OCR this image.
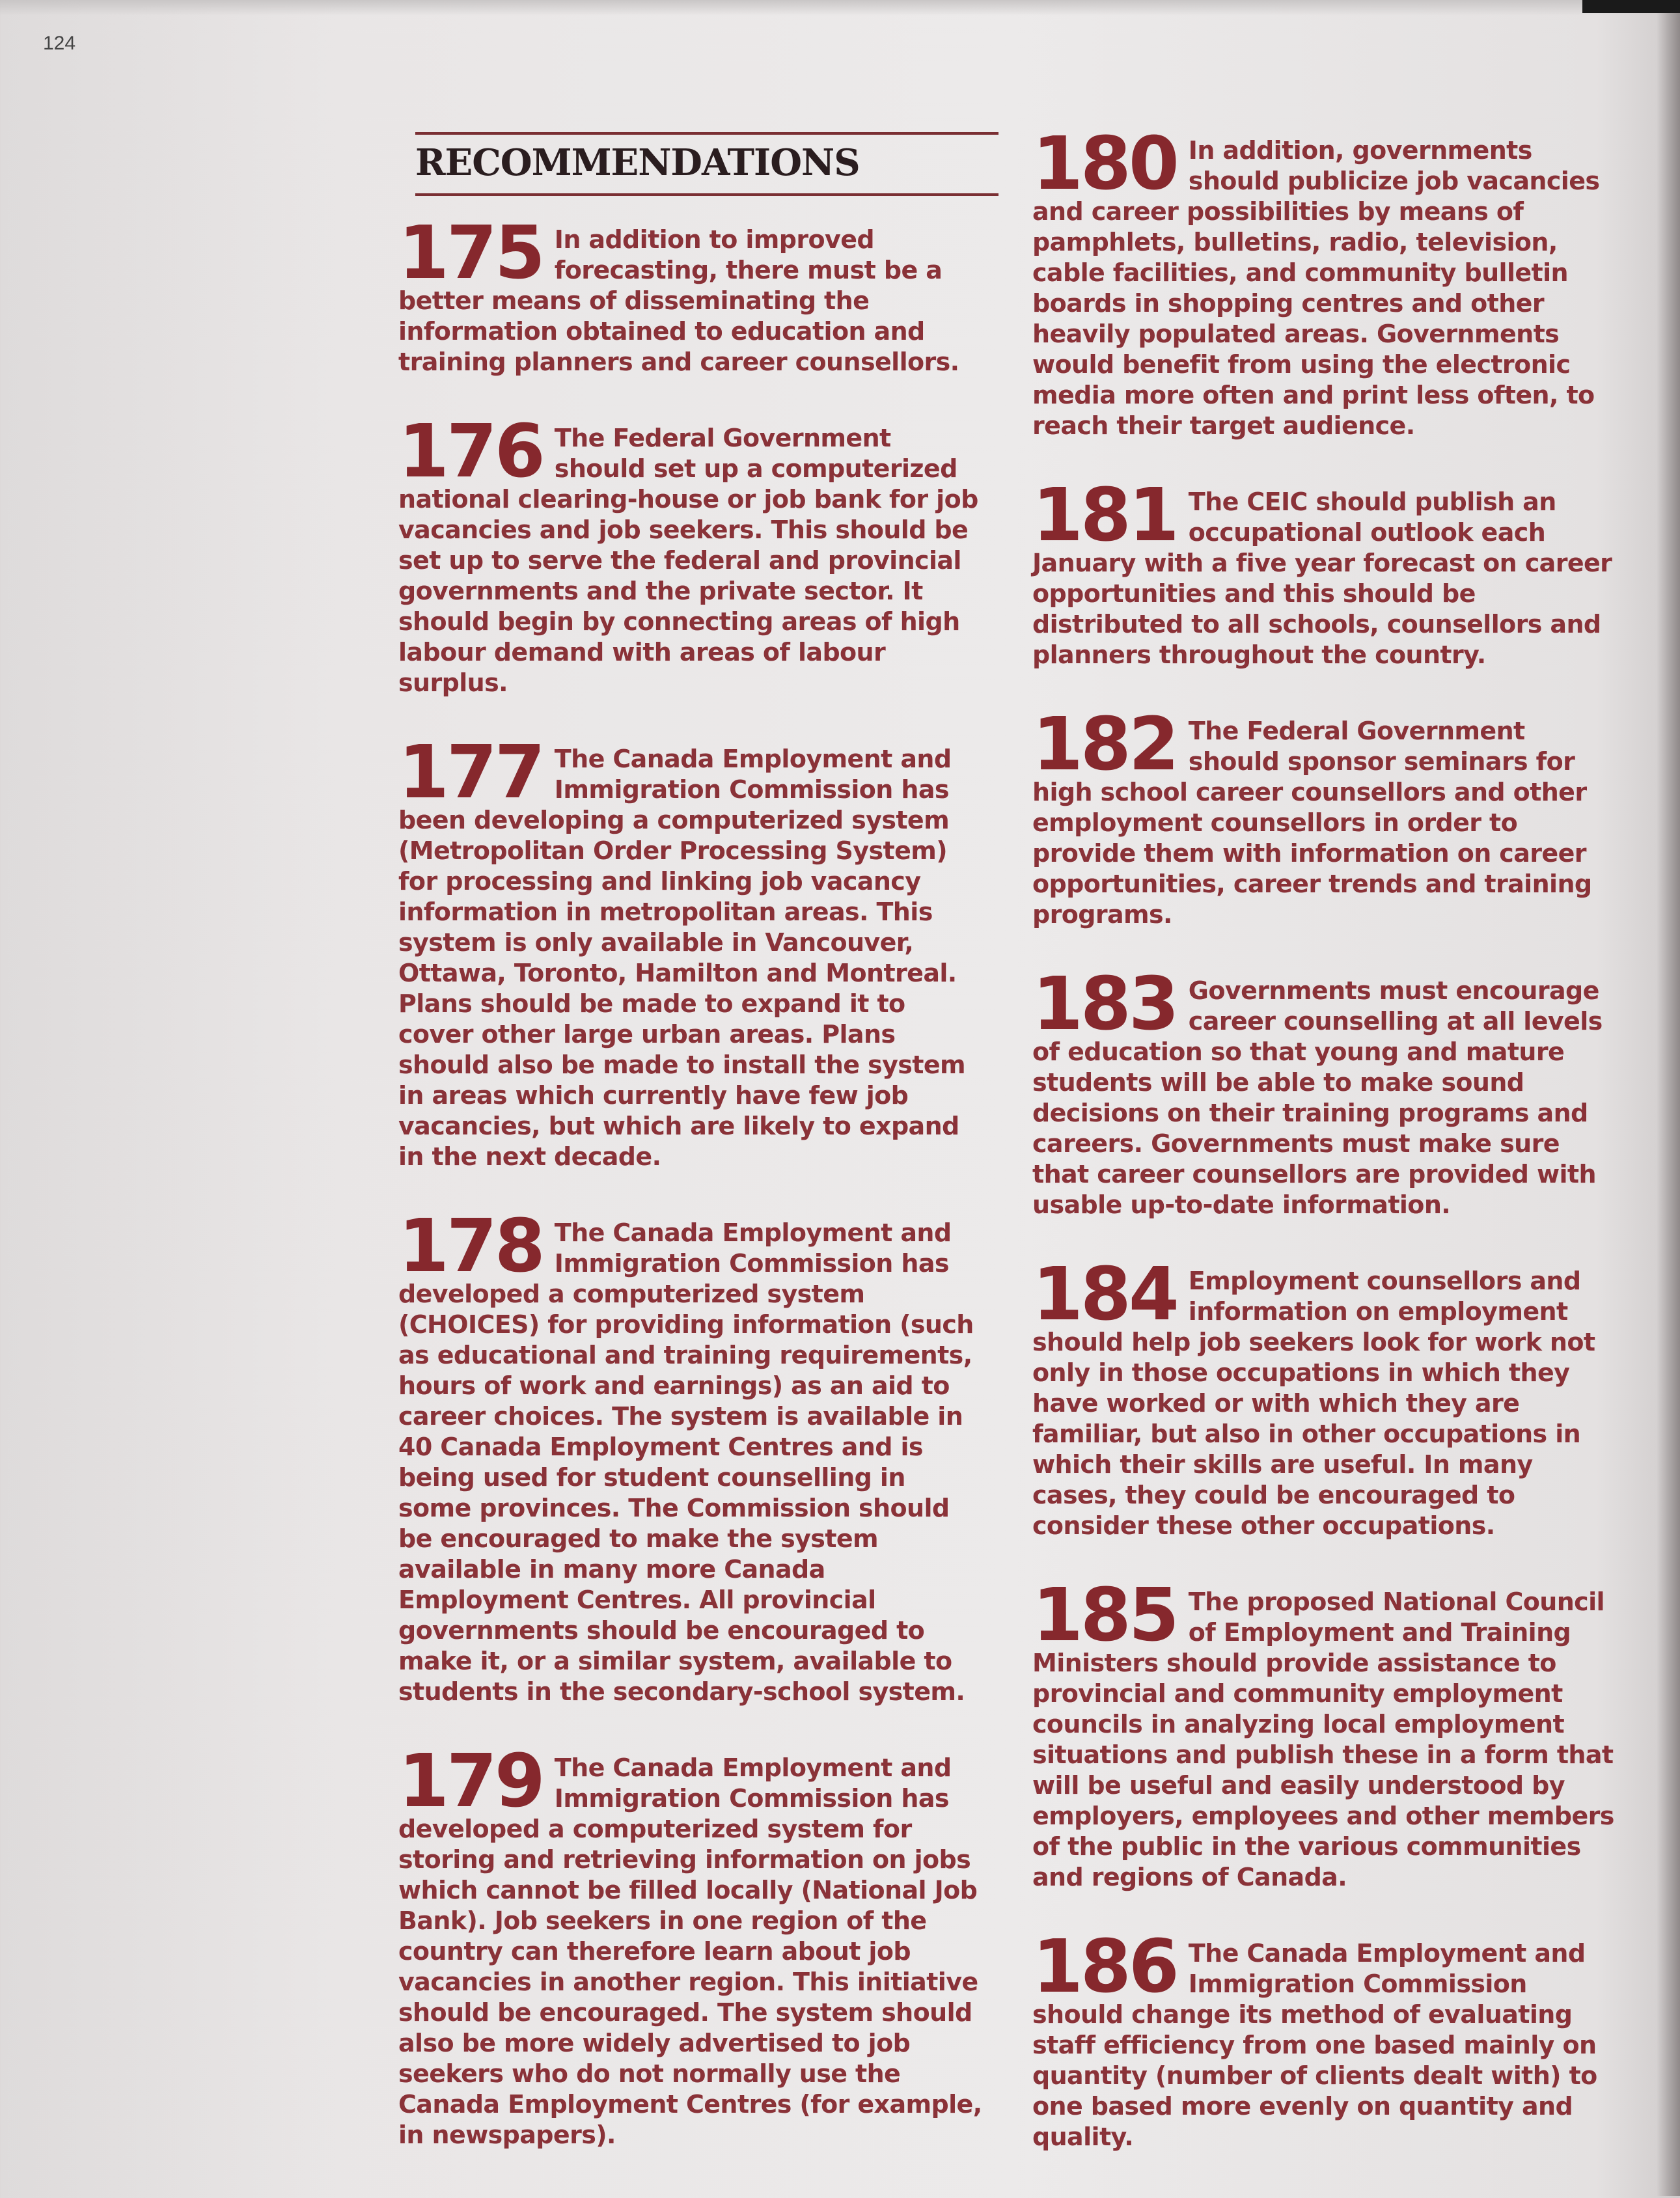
124
RECOMMENDATIONS
175 In addition to improved forecasting, there must be a better means of disseminating the information obtained to education and training planners and career counsellors.
176 The Federal Government should set up a computerized national clearing-house or job bank for job vacancies and job seekers. This should be set up to serve the federal and provincial governments and the private sector. It should begin by connecting areas of high labour demand with areas of labour surplus.
177 The Canada Employment and Immigration Commission has been developing a computerized system (Metropolitan Order Processing System) for processing and linking job vacancy information in metropolitan areas. This system is only available in Vancouver, Ottawa, Toronto, Hamilton and Montreal. Plans should be made to expand it to cover other large urban areas. Plans should also be made to install the system in areas which currently have few job vacancies, but which are likely to expand in the next decade.
178 The Canada Employment and Immigration Commission has developed a computerized system (CHOICES) for providing information (such as educational and training requirements, hours of work and earnings) as an aid to career choices. The system is available in 40 Canada Employment Centres and is being used for student counselling in some provinces. The Commission should be encouraged to make the system available in many more Canada Employment Centres. All provincial governments should be encouraged to make it, or a similar system, available to students in the secondary-school system.
179 The Canada Employment and Immigration Commission has developed a computerized system for storing and retrieving information on jobs which cannot be filled locally (National Job Bank). Job seekers in one region of the country can therefore learn about job vacancies in another region. This initiative should be encouraged. The system should also be more widely advertised to job seekers who do not normally use the Canada Employment Centres (for example, in newspapers).
180 In addition, governments should publicize job vacancies and career possibilities by means of pamphlets, bulletins, radio, television, cable facilities, and community bulletin boards in shopping centres and other heavily populated areas. Governments would benefit from using the electronic media more often and print less often, to reach their target audience.
181 The CEIC should publish an occupational outlook each January with a five year forecast on career opportunities and this should be distributed to all schools, counsellors and planners throughout the country.
182 The Federal Government should sponsor seminars for high school career counsellors and other employment counsellors in order to provide them with information on career opportunities, career trends and training programs.
183 Governments must encourage career counselling at all levels of education so that young and mature students will be able to make sound decisions on their training programs and careers. Governments must make sure that career counsellors are provided with usable up-to-date information.
184 Employment counsellors and information on employment should help job seekers look for work not only in those occupations in which they have worked or with which they are familiar, but also in other occupations in which their skills are useful. In many cases, they could be encouraged to consider these other occupations.
185 The proposed National Council of Employment and Training Ministers should provide assistance to provincial and community employment councils in analyzing local employment situations and publish these in a form that will be useful and easily understood by employers, employees and other members of the public in the various communities and regions of Canada.
186 The Canada Employment and Immigration Commission should change its method of evaluating staff efficiency from one based mainly on quantity (number of clients dealt with) to one based more evenly on quantity and quality.
